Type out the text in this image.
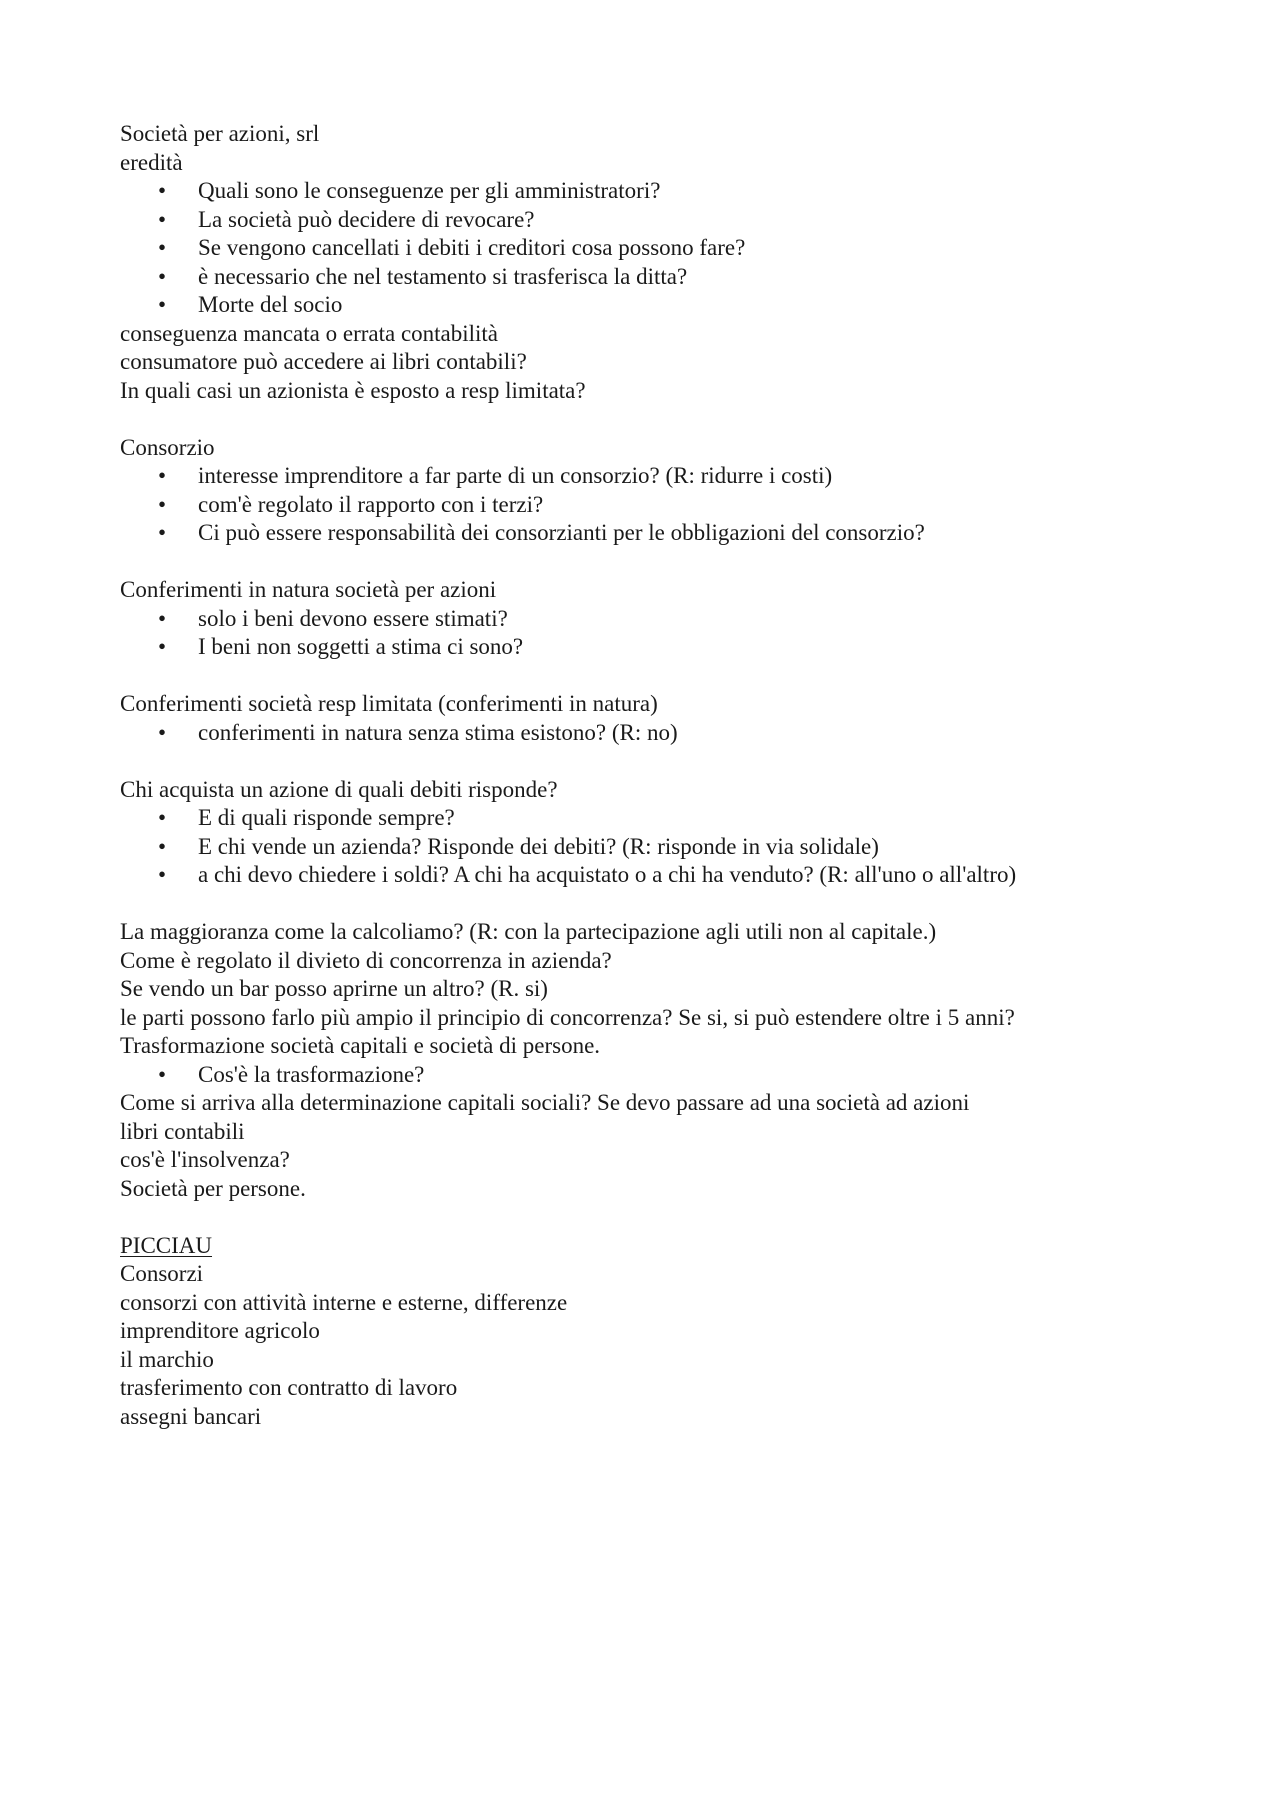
Società per azioni, srl
eredità
• Quali sono le conseguenze per gli amministratori?
• La società può decidere di revocare?
• Se vengono cancellati i debiti i creditori cosa possono fare?
• è necessario che nel testamento si trasferisca la ditta?
• Morte del socio
conseguenza mancata o errata contabilità
consumatore può accedere ai libri contabili?
In quali casi un azionista è esposto a resp limitata?
Consorzio
• interesse imprenditore a far parte di un consorzio? (R: ridurre i costi)
• com'è regolato il rapporto con i terzi?
• Ci può essere responsabilità dei consorzianti per le obbligazioni del consorzio?
Conferimenti in natura società per azioni
• solo i beni devono essere stimati?
• I beni non soggetti a stima ci sono?
Conferimenti società resp limitata (conferimenti in natura)
• conferimenti in natura senza stima esistono? (R: no)
Chi acquista un azione di quali debiti risponde?
• E di quali risponde sempre?
• E chi vende un azienda? Risponde dei debiti? (R: risponde in via solidale)
• a chi devo chiedere i soldi? A chi ha acquistato o a chi ha venduto? (R: all'uno o all'altro)
La maggioranza come la calcoliamo? (R: con la partecipazione agli utili non al capitale.)
Come è regolato il divieto di concorrenza in azienda?
Se vendo un bar posso aprirne un altro? (R. si)
le parti possono farlo più ampio il principio di concorrenza? Se si, si può estendere oltre i 5 anni?
Trasformazione società capitali e società di persone.
• Cos'è la trasformazione?
Come si arriva alla determinazione capitali sociali? Se devo passare ad una società ad azioni
libri contabili
cos'è l'insolvenza?
Società per persone.
PICCIAU
Consorzi
consorzi con attività interne e esterne, differenze
imprenditore agricolo
il marchio
trasferimento con contratto di lavoro
assegni bancari
